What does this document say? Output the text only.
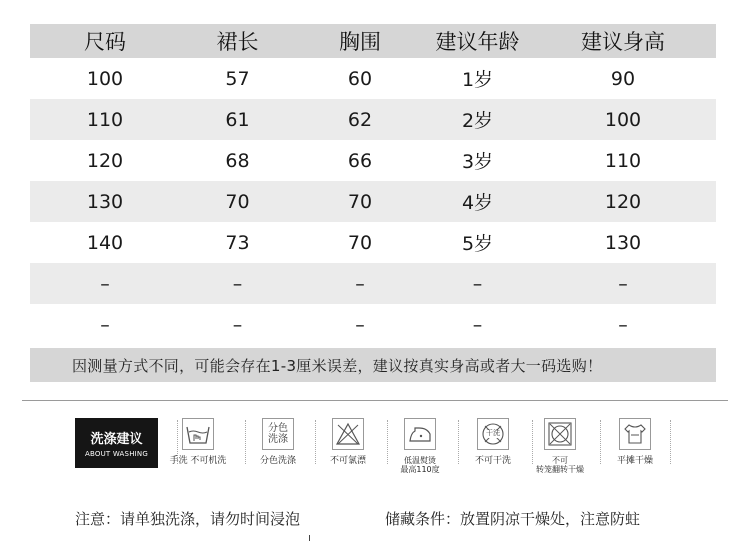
尺码	裙长	胸围	建议年龄	建议身高
100	57	60	1岁	90
110	61	62	2岁	100
120	68	66	3岁	110
130	70	70	4岁	120
140	73	70	5岁	130
–	–	–	–	–
–	–	–	–	–
因测量方式不同，可能会存在1-3厘米误差，建议按真实身高或者大一码选购！
洗涤建议
ABOUT WASHING
手洗 不可机洗
分色
洗涤
分色洗涤	不可氯漂	低温熨烫
最高110度
干洗
不可干洗	不可
转笼翻转干燥
平摊干燥
注意：请单独洗涤，请勿时间浸泡	储藏条件：放置阴凉干燥处，注意防蛀
